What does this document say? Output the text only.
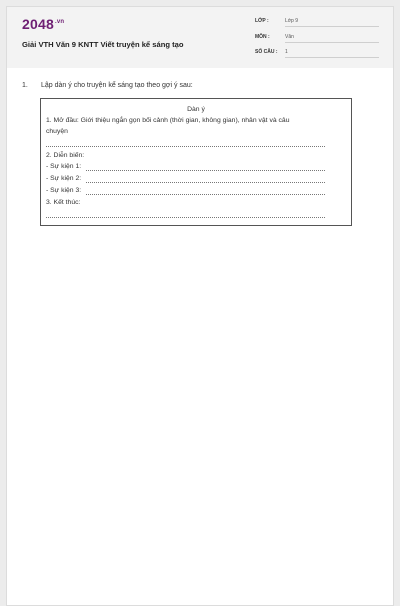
$2048^{.vn}$
Giải VTH Văn 9 KNTT Viết truyện kể sáng tạo
LỚP :	Lớp 9
MÔN :	Văn
SỐ CÂU : 1
1. Lập dàn ý cho truyện kể sáng tạo theo gợi ý sau:
Dàn ý
1. Mở đầu: Giới thiệu ngắn gọn bối cảnh (thời gian, không gian), nhân vật và câu
chuyện
2. Diễn biến:
- Sự kiện 1:
- Sự kiện 2:
- Sự kiện 3:
3. Kết thúc:
